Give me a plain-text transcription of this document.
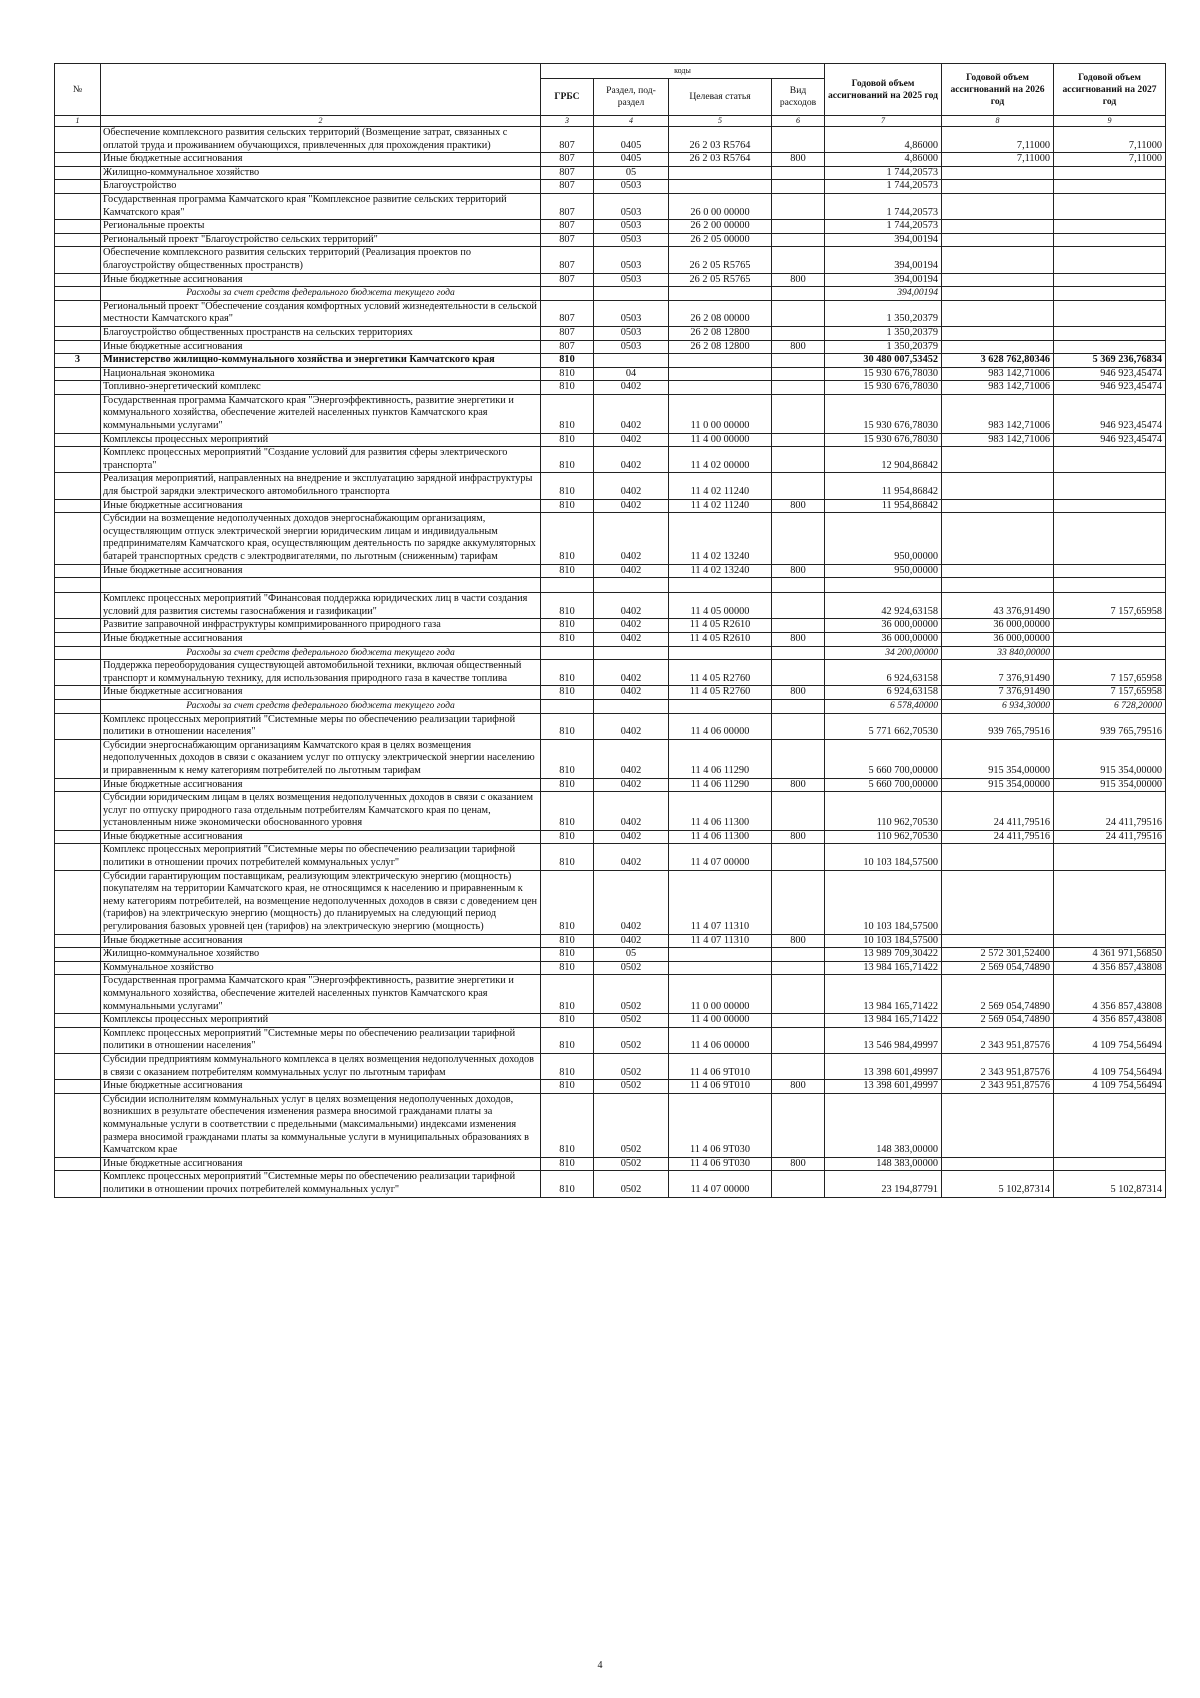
№		коды				Годовой объем ассигнований на 2025 год	Годовой объем ассигнований на 2026 год	Годовой объем ассигнований на 2027 год
		ГРБС	Раздел, под-раздел	Целевая статья	Вид расходов			
1	2	3	4	5	6	7	8	9
	Обеспечение комплексного развития сельских территорий (Возмещение затрат, связанных с оплатой труда и проживанием обучающихся, привлеченных для прохождения практики)	807	0405	26 2 03 R5764		4,86000	7,11000	7,11000
	Иные бюджетные ассигнования	807	0405	26 2 03 R5764	800	4,86000	7,11000	7,11000
	Жилищно-коммунальное хозяйство	807	05			1 744,20573		
	Благоустройство	807	0503			1 744,20573		
	Государственная программа Камчатского края "Комплексное развитие сельских территорий Камчатского края"	807	0503	26 0 00 00000		1 744,20573		
	Региональные проекты	807	0503	26 2 00 00000		1 744,20573		
	Региональный проект "Благоустройство сельских территорий"	807	0503	26 2 05 00000		394,00194		
	Обеспечение комплексного развития сельских территорий (Реализация проектов по благоустройству общественных пространств)	807	0503	26 2 05 R5765		394,00194		
	Иные бюджетные ассигнования	807	0503	26 2 05 R5765	800	394,00194		
	Расходы за счет средств федерального бюджета текущего года					394,00194		
	Региональный проект "Обеспечение создания комфортных условий жизнедеятельности в сельской местности Камчатского края"	807	0503	26 2 08 00000		1 350,20379		
	Благоустройство общественных пространств на сельских территориях	807	0503	26 2 08 12800		1 350,20379		
	Иные бюджетные ассигнования	807	0503	26 2 08 12800	800	1 350,20379		
3	Министерство жилищно-коммунального хозяйства и энергетики Камчатского края	810				30 480 007,53452	3 628 762,80346	5 369 236,76834
	Национальная экономика	810	04			15 930 676,78030	983 142,71006	946 923,45474
	Топливно-энергетический комплекс	810	0402			15 930 676,78030	983 142,71006	946 923,45474
	Государственная программа Камчатского края "Энергоэффективность, развитие энергетики и коммунального хозяйства, обеспечение жителей населенных пунктов Камчатского края коммунальными услугами"	810	0402	11 0 00 00000		15 930 676,78030	983 142,71006	946 923,45474
	Комплексы процессных мероприятий	810	0402	11 4 00 00000		15 930 676,78030	983 142,71006	946 923,45474
	Комплекс процессных мероприятий "Создание условий для развития сферы электрического транспорта"	810	0402	11 4 02 00000		12 904,86842		
	Реализация мероприятий, направленных на внедрение и эксплуатацию зарядной инфраструктуры для быстрой зарядки электрического автомобильного транспорта	810	0402	11 4 02 11240		11 954,86842		
	Иные бюджетные ассигнования	810	0402	11 4 02 11240	800	11 954,86842		
	Субсидии на возмещение недополученных доходов энергоснабжающим организациям, осуществляющим отпуск электрической энергии юридическим лицам и индивидуальным предпринимателям Камчатского края, осуществляющим деятельность по зарядке аккумуляторных батарей транспортных средств с электродвигателями, по льготным (сниженным) тарифам	810	0402	11 4 02 13240		950,00000		
	Иные бюджетные ассигнования	810	0402	11 4 02 13240	800	950,00000		

	Комплекс процессных мероприятий "Финансовая поддержка юридических лиц в части создания условий для развития системы газоснабжения и газификации"	810	0402	11 4 05 00000		42 924,63158	43 376,91490	7 157,65958
	Развитие заправочной инфраструктуры компримированного природного газа	810	0402	11 4 05 R2610		36 000,00000	36 000,00000	
	Иные бюджетные ассигнования	810	0402	11 4 05 R2610	800	36 000,00000	36 000,00000	
	Расходы за счет средств федерального бюджета текущего года					34 200,00000	33 840,00000	
	Поддержка переоборудования существующей автомобильной техники, включая общественный транспорт и коммунальную технику, для использования природного газа в качестве топлива	810	0402	11 4 05 R2760		6 924,63158	7 376,91490	7 157,65958
	Иные бюджетные ассигнования	810	0402	11 4 05 R2760	800	6 924,63158	7 376,91490	7 157,65958
	Расходы за счет средств федерального бюджета текущего года					6 578,40000	6 934,30000	6 728,20000
	Комплекс процессных мероприятий "Системные меры по обеспечению реализации тарифной политики в отношении населения"	810	0402	11 4 06 00000		5 771 662,70530	939 765,79516	939 765,79516
	Субсидии энергоснабжающим организациям Камчатского края в целях возмещения недополученных доходов в связи с оказанием услуг по отпуску электрической энергии населению и приравненным к нему категориям потребителей по льготным тарифам	810	0402	11 4 06 11290		5 660 700,00000	915 354,00000	915 354,00000
	Иные бюджетные ассигнования	810	0402	11 4 06 11290	800	5 660 700,00000	915 354,00000	915 354,00000
	Субсидии юридическим лицам в целях возмещения недополученных доходов в связи с оказанием услуг по отпуску природного газа отдельным потребителям Камчатского края по ценам, установленным ниже экономически обоснованного уровня	810	0402	11 4 06 11300		110 962,70530	24 411,79516	24 411,79516
	Иные бюджетные ассигнования	810	0402	11 4 06 11300	800	110 962,70530	24 411,79516	24 411,79516
	Комплекс процессных мероприятий "Системные меры по обеспечению реализации тарифной политики в отношении прочих потребителей коммунальных услуг"	810	0402	11 4 07 00000		10 103 184,57500		
	Субсидии гарантирующим поставщикам, реализующим электрическую энергию (мощность) покупателям на территории Камчатского края, не относящимся к населению и приравненным к нему категориям потребителей, на возмещение недополученных доходов в связи с доведением цен (тарифов) на электрическую энергию (мощность) до планируемых на следующий период регулирования базовых уровней цен (тарифов) на электрическую энергию (мощность)	810	0402	11 4 07 11310		10 103 184,57500		
	Иные бюджетные ассигнования	810	0402	11 4 07 11310	800	10 103 184,57500		
	Жилищно-коммунальное хозяйство	810	05			13 989 709,30422	2 572 301,52400	4 361 971,56850
	Коммунальное хозяйство	810	0502			13 984 165,71422	2 569 054,74890	4 356 857,43808
	Государственная программа Камчатского края "Энергоэффективность, развитие энергетики и коммунального хозяйства, обеспечение жителей населенных пунктов Камчатского края коммунальными услугами"	810	0502	11 0 00 00000		13 984 165,71422	2 569 054,74890	4 356 857,43808
	Комплексы процессных мероприятий	810	0502	11 4 00 00000		13 984 165,71422	2 569 054,74890	4 356 857,43808
	Комплекс процессных мероприятий "Системные меры по обеспечению реализации тарифной политики в отношении населения"	810	0502	11 4 06 00000		13 546 984,49997	2 343 951,87576	4 109 754,56494
	Субсидии предприятиям коммунального комплекса в целях возмещения недополученных доходов в связи с оказанием потребителям коммунальных услуг по льготным тарифам	810	0502	11 4 06 9Т010		13 398 601,49997	2 343 951,87576	4 109 754,56494
	Иные бюджетные ассигнования	810	0502	11 4 06 9Т010	800	13 398 601,49997	2 343 951,87576	4 109 754,56494
	Субсидии исполнителям коммунальных услуг в целях возмещения недополученных доходов, возникших в результате обеспечения изменения размера вносимой гражданами платы за коммунальные услуги в соответствии с предельными (максимальными) индексами изменения размера вносимой гражданами платы за коммунальные услуги в муниципальных образованиях в Камчатском крае	810	0502	11 4 06 9Т030		148 383,00000		
	Иные бюджетные ассигнования	810	0502	11 4 06 9Т030	800	148 383,00000		
	Комплекс процессных мероприятий "Системные меры по обеспечению реализации тарифной политики в отношении прочих потребителей коммунальных услуг"	810	0502	11 4 07 00000		23 194,87791	5 102,87314	5 102,87314
4
